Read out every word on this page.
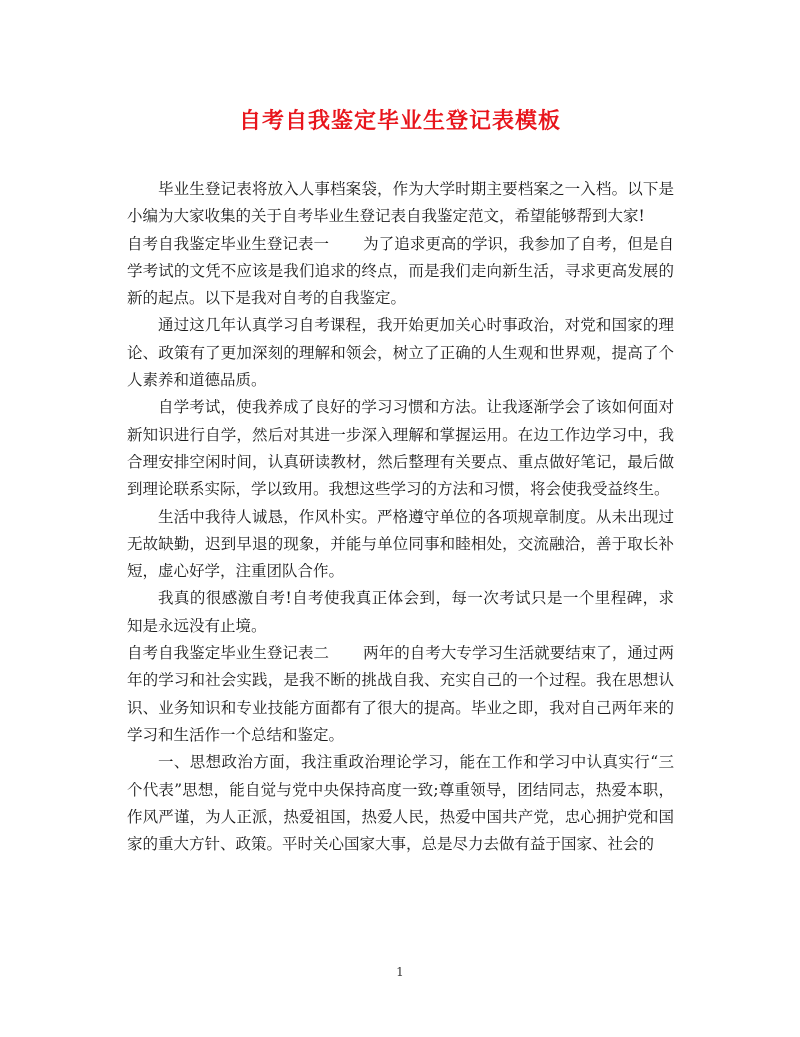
自考自我鉴定毕业生登记表模板

毕业生登记表将放入人事档案袋，作为大学时期主要档案之一入档。以下是小编为大家收集的关于自考毕业生登记表自我鉴定范文，希望能够帮到大家!

自考自我鉴定毕业生登记表一 为了追求更高的学识，我参加了自考，但是自学考试的文凭不应该是我们追求的终点，而是我们走向新生活，寻求更高发展的新的起点。以下是我对自考的自我鉴定。

通过这几年认真学习自考课程，我开始更加关心时事政治，对党和国家的理论、政策有了更加深刻的理解和领会，树立了正确的人生观和世界观，提高了个人素养和道德品质。

自学考试，使我养成了良好的学习习惯和方法。让我逐渐学会了该如何面对新知识进行自学，然后对其进一步深入理解和掌握运用。在边工作边学习中，我合理安排空闲时间，认真研读教材，然后整理有关要点、重点做好笔记，最后做到理论联系实际，学以致用。我想这些学习的方法和习惯，将会使我受益终生。

生活中我待人诚恳，作风朴实。严格遵守单位的各项规章制度。从未出现过无故缺勤，迟到早退的现象，并能与单位同事和睦相处，交流融洽，善于取长补短，虚心好学，注重团队合作。

我真的很感激自考!自考使我真正体会到，每一次考试只是一个里程碑，求知是永远没有止境。

自考自我鉴定毕业生登记表二 两年的自考大专学习生活就要结束了，通过两年的学习和社会实践，是我不断的挑战自我、充实自己的一个过程。我在思想认识、业务知识和专业技能方面都有了很大的提高。毕业之即，我对自己两年来的学习和生活作一个总结和鉴定。

一、思想政治方面，我注重政治理论学习，能在工作和学习中认真实行“三个代表”思想，能自觉与党中央保持高度一致;尊重领导，团结同志，热爱本职，作风严谨，为人正派，热爱祖国，热爱人民，热爱中国共产党，忠心拥护党和国家的重大方针、政策。平时关心国家大事，总是尽力去做有益于国家、社会的

1
